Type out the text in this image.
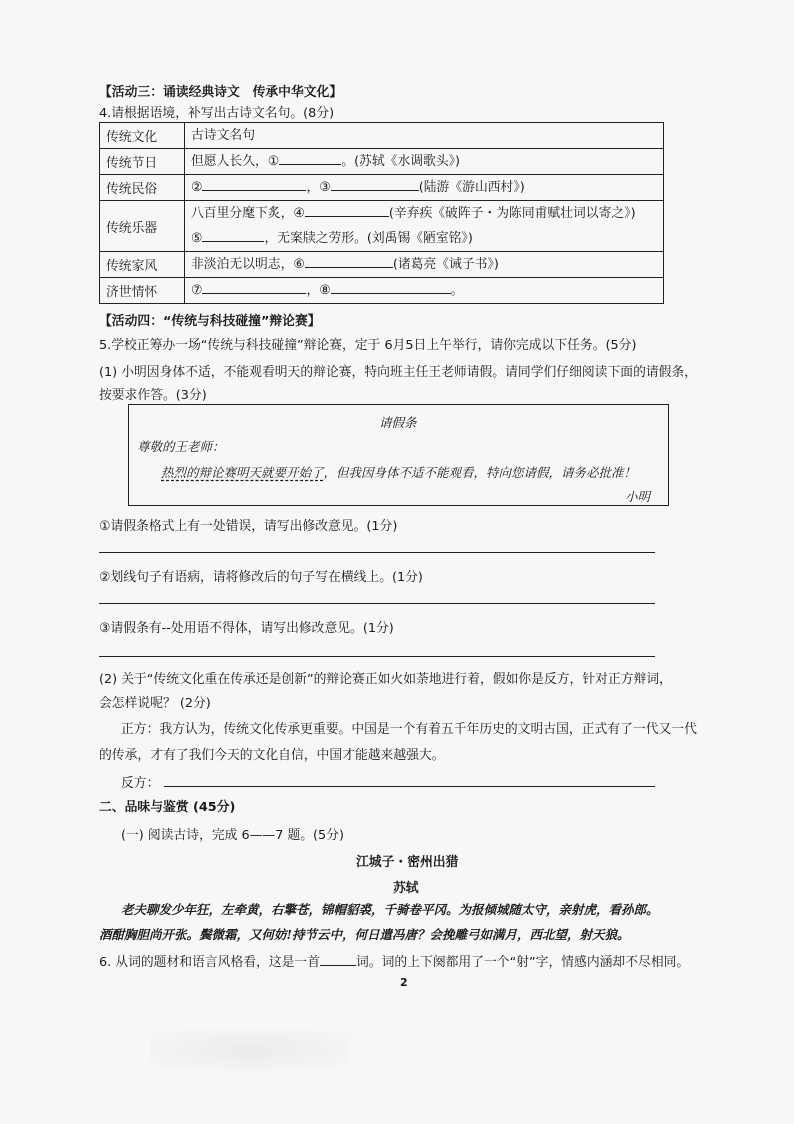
【活动三：诵读经典诗文　传承中华文化】
4.请根据语境，补写出古诗文名句。(8分)
传统文化	古诗文名句
传统节日	但愿人长久，① 。(苏轼《水调歌头》)
传统民俗	② ，③ (陆游《游山西村》)
传统乐器	八百里分麾下炙，④ (辛弃疾《破阵子・为陈同甫赋壮词以寄之》)
⑤ ，无案牍之劳形。(刘禹锡《陋室铭》)

传统家风	非淡泊无以明志，⑥ (诸葛亮《诫子书》)
济世情怀	⑦ ，⑧ 。
【活动四：“传统与科技碰撞”辩论赛】
5.学校正筹办一场“传统与科技碰撞”辩论赛，定于 6月5日上午举行，请你完成以下任务。(5分)
(1) 小明因身体不适，不能观看明天的辩论赛，特向班主任王老师请假。请同学们仔细阅读下面的请假条，
按要求作答。(3分)
请假条
尊敬的王老师：
热烈的辩论赛明天就要开始了，但我因身体不适不能观看，特向您请假，请务必批准！
小明
①请假条格式上有一处错误，请写出修改意见。(1分)
②划线句子有语病，请将修改后的句子写在横线上。(1分)
③请假条有--处用语不得体，请写出修改意见。(1分)
(2) 关于“传统文化重在传承还是创新”的辩论赛正如火如荼地进行着，假如你是反方，针对正方辩词，
会怎样说呢？ (2分)
正方：我方认为，传统文化传承更重要。中国是一个有着五千年历史的文明古国，正式有了一代又一代
的传承，才有了我们今天的文化自信，中国才能越来越强大。
反方：
二、品味与鉴赏 (45分)
(一) 阅读古诗，完成 6——7 题。(5分)
江城子・密州出猎
苏轼
老夫聊发少年狂，左牵黄，右擎苍，锦帽貂裘，千骑卷平冈。为报倾城随太守，亲射虎，看孙郎。
酒酣胸胆尚开张。鬓微霜，又何妨!持节云中，何日遣冯唐？会挽雕弓如满月，西北望，射天狼。
6. 从词的题材和语言风格看，这是一首	词。词的上下阕都用了一个“射”字，情感内涵却不尽相同。
2
